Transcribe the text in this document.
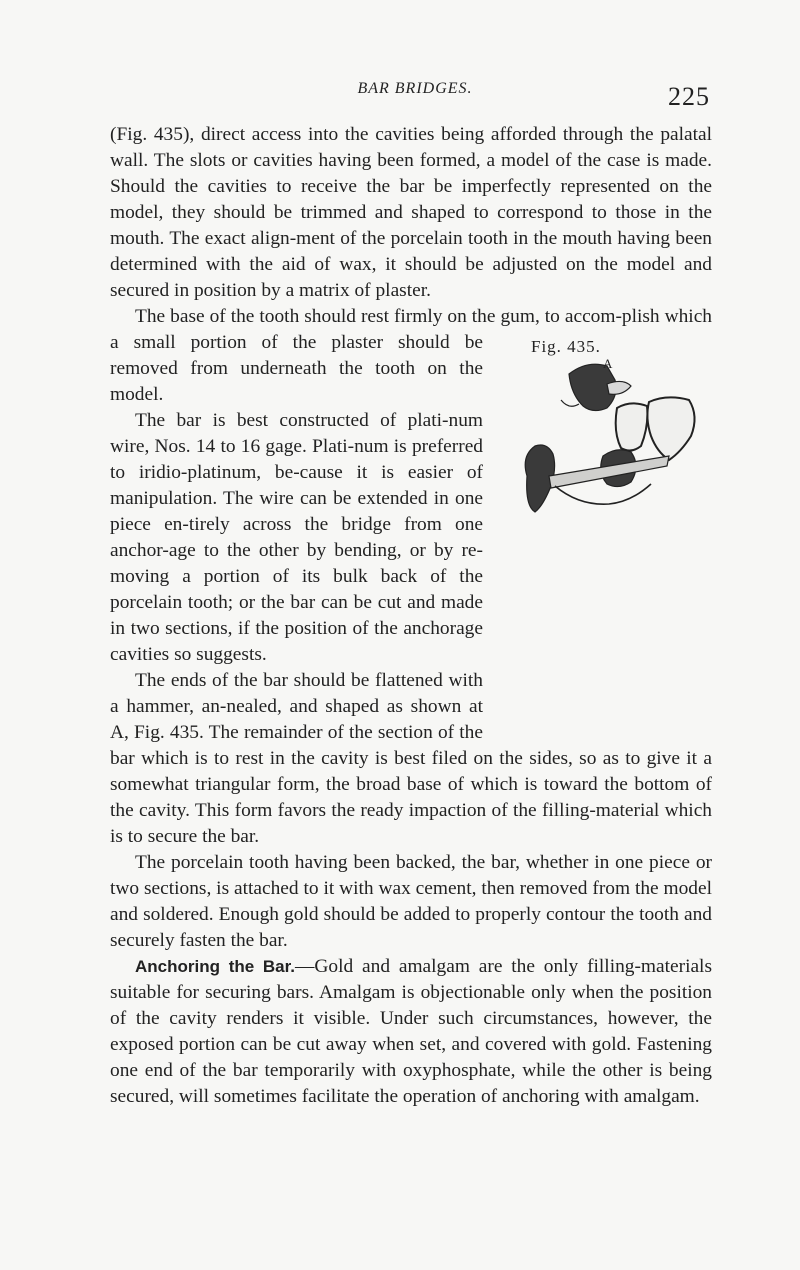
BAR BRIDGES.	225

(Fig. 435), direct access into the cavities being afforded through the palatal wall. The slots or cavities having been formed, a model of the case is made. Should the cavities to receive the bar be imperfectly represented on the model, they should be trimmed and shaped to correspond to those in the mouth. The exact align-ment of the porcelain tooth in the mouth having been determined with the aid of wax, it should be adjusted on the model and secured in position by a matrix of plaster.

Fig. 435.
A

The base of the tooth should rest firmly on the gum, to accom-plish which a small portion of the plaster should be removed from underneath the tooth on the model.

The bar is best constructed of plati-num wire, Nos. 14 to 16 gage. Plati-num is preferred to iridio-platinum, be-cause it is easier of manipulation. The wire can be extended in one piece en-tirely across the bridge from one anchor-age to the other by bending, or by re-moving a portion of its bulk back of the porcelain tooth; or the bar can be cut and made in two sections, if the position of the anchorage cavities so suggests.

The ends of the bar should be flattened with a hammer, an-nealed, and shaped as shown at A, Fig. 435. The remainder of the section of the bar which is to rest in the cavity is best filed on the sides, so as to give it a somewhat triangular form, the broad base of which is toward the bottom of the cavity. This form favors the ready impaction of the filling-material which is to secure the bar.

The porcelain tooth having been backed, the bar, whether in one piece or two sections, is attached to it with wax cement, then removed from the model and soldered. Enough gold should be added to properly contour the tooth and securely fasten the bar.

Anchoring the Bar.—Gold and amalgam are the only filling-materials suitable for securing bars. Amalgam is objectionable only when the position of the cavity renders it visible. Under such circumstances, however, the exposed portion can be cut away when set, and covered with gold. Fastening one end of the bar temporarily with oxyphosphate, while the other is being secured, will sometimes facilitate the operation of anchoring with amalgam.
